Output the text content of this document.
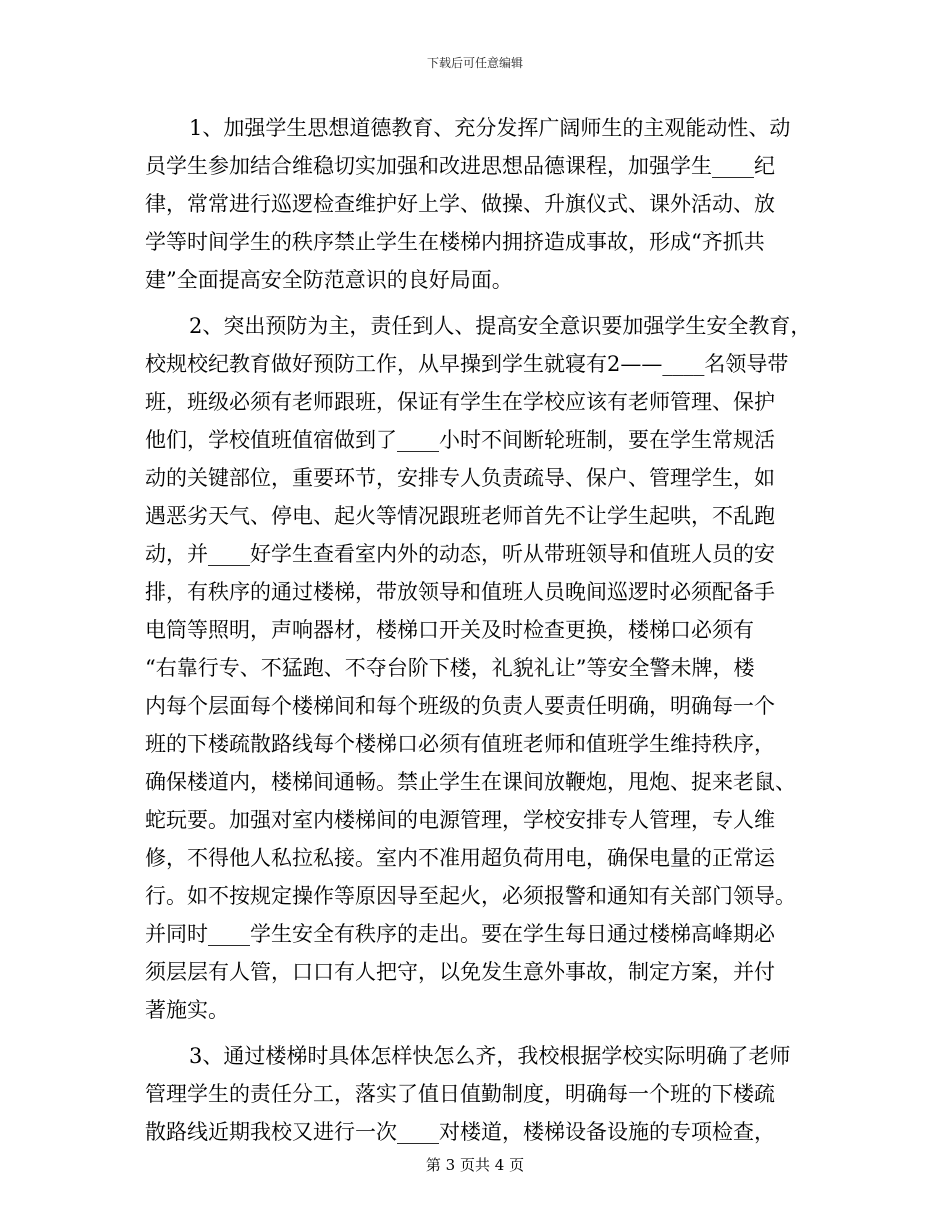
下载后可任意编辑
1、加强学生思想道德教育、充分发挥广阔师生的主观能动性、动
员学生参加结合维稳切实加强和改进思想品德课程，加强学生____纪
律，常常进行巡逻检查维护好上学、做操、升旗仪式、课外活动、放
学等时间学生的秩序禁止学生在楼梯内拥挤造成事故，形成“齐抓共
建”全面提高安全防范意识的良好局面。
2、突出预防为主，责任到人、提高安全意识要加强学生安全教育，
校规校纪教育做好预防工作，从早操到学生就寝有2——____名领导带
班，班级必须有老师跟班，保证有学生在学校应该有老师管理、保护
他们，学校值班值宿做到了____小时不间断轮班制，要在学生常规活
动的关键部位，重要环节，安排专人负责疏导、保户、管理学生，如
遇恶劣天气、停电、起火等情况跟班老师首先不让学生起哄，不乱跑
动，并____好学生查看室内外的动态，听从带班领导和值班人员的安
排，有秩序的通过楼梯，带放领导和值班人员晚间巡逻时必须配备手
电筒等照明，声响器材，楼梯口开关及时检查更换，楼梯口必须有
“右靠行专、不猛跑、不夺台阶下楼，礼貌礼让”等安全警未牌，楼
内每个层面每个楼梯间和每个班级的负责人要责任明确，明确每一个
班的下楼疏散路线每个楼梯口必须有值班老师和值班学生维持秩序，
确保楼道内，楼梯间通畅。禁止学生在课间放鞭炮，甩炮、捉来老鼠、
蛇玩要。加强对室内楼梯间的电源管理，学校安排专人管理，专人维
修，不得他人私拉私接。室内不准用超负荷用电，确保电量的正常运
行。如不按规定操作等原因导至起火，必须报警和通知有关部门领导。
并同时____学生安全有秩序的走出。要在学生每日通过楼梯高峰期必
须层层有人管，口口有人把守，以免发生意外事故，制定方案，并付
著施实。
3、通过楼梯时具体怎样快怎么齐，我校根据学校实际明确了老师
管理学生的责任分工，落实了值日值勤制度，明确每一个班的下楼疏
散路线近期我校又进行一次____对楼道，楼梯设备设施的专项检查，
第 3 页共 4 页
